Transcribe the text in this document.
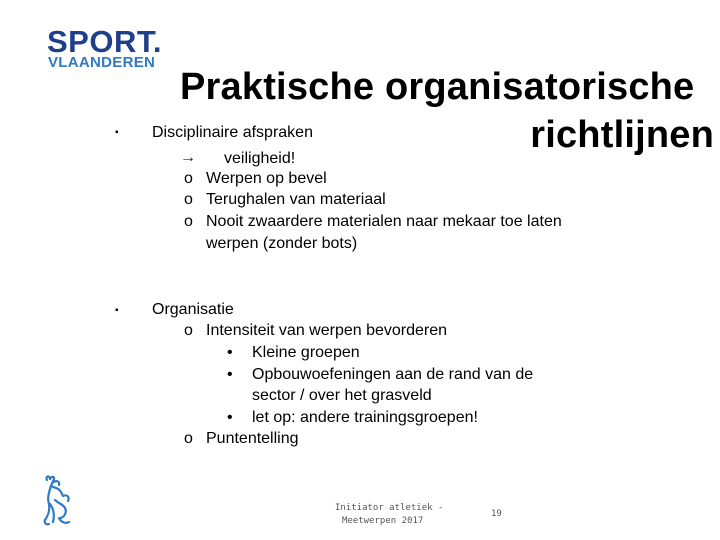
SPORT.
VLAANDEREN
Praktische organisatorische
richtlijnen
▪ Disciplinaire afspraken
→ veiligheid!
o Werpen op bevel
o Terughalen van materiaal
o Nooit zwaardere materialen naar mekaar toe laten
werpen (zonder bots)
▪ Organisatie
o Intensiteit van werpen bevorderen
• Kleine groepen
• Opbouwoefeningen aan de rand van de
sector / over het grasveld
• let op: andere trainingsgroepen!
o Puntentelling
Initiator atletiek -
Meetwerpen 2017
19
